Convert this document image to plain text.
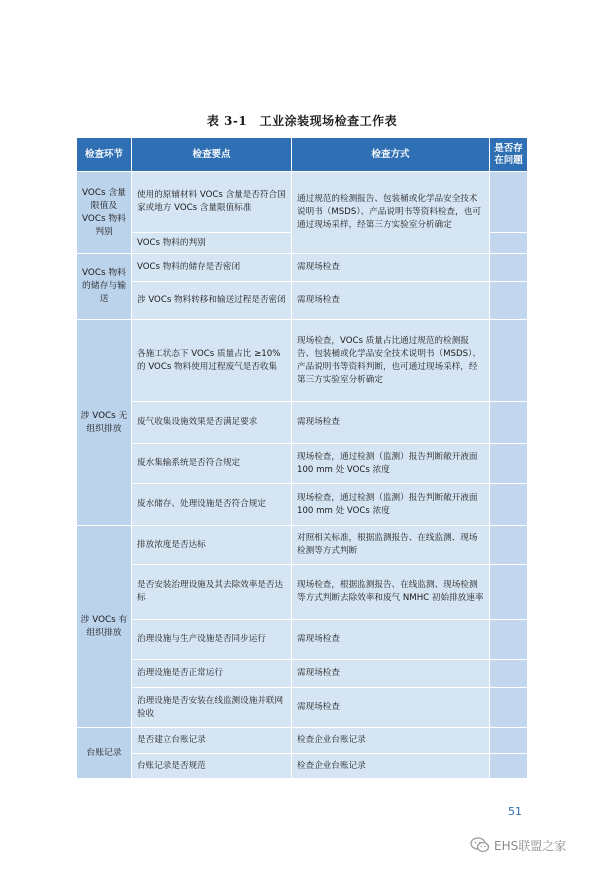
表 3-1　工业涂装现场检查工作表
检查环节	检查要点	检查方式	是否存在问题
VOCs 含量限值及 VOCs 物料判别	使用的原辅材料 VOCs 含量是否符合国家或地方 VOCs 含量限值标准	通过规范的检测报告、包装桶或化学品安全技术说明书（MSDS）、产品说明书等资料检查，也可通过现场采样，经第三方实验室分析确定	
	VOCs 物料的判别		
VOCs 物料的储存与输送	VOCs 物料的储存是否密闭	需现场检查	
	涉 VOCs 物料转移和输送过程是否密闭	需现场检查	
涉 VOCs 无组织排放	各施工状态下 VOCs 质量占比 ≥10% 的 VOCs 物料使用过程废气是否收集	现场检查，VOCs 质量占比通过规范的检测报告、包装桶或化学品安全技术说明书（MSDS）、产品说明书等资料判断，也可通过现场采样，经第三方实验室分析确定	
	废气收集设施效果是否满足要求	需现场检查	
	废水集输系统是否符合规定	现场检查，通过检测（监测）报告判断敞开液面 100 mm 处 VOCs 浓度	
	废水储存、处理设施是否符合规定	现场检查，通过检测（监测）报告判断敞开液面 100 mm 处 VOCs 浓度	
涉 VOCs 有组织排放	排放浓度是否达标	对照相关标准，根据监测报告、在线监测、现场检测等方式判断	
	是否安装治理设施及其去除效率是否达标	现场检查，根据监测报告、在线监测、现场检测等方式判断去除效率和废气 NMHC 初始排放速率	
	治理设施与生产设施是否同步运行	需现场检查	
	治理设施是否正常运行	需现场检查	
	治理设施是否安装在线监测设施并联网验收	需现场检查	
台账记录	是否建立台账记录	检查企业台账记录	
	台账记录是否规范	检查企业台账记录	
51
EHS联盟之家
